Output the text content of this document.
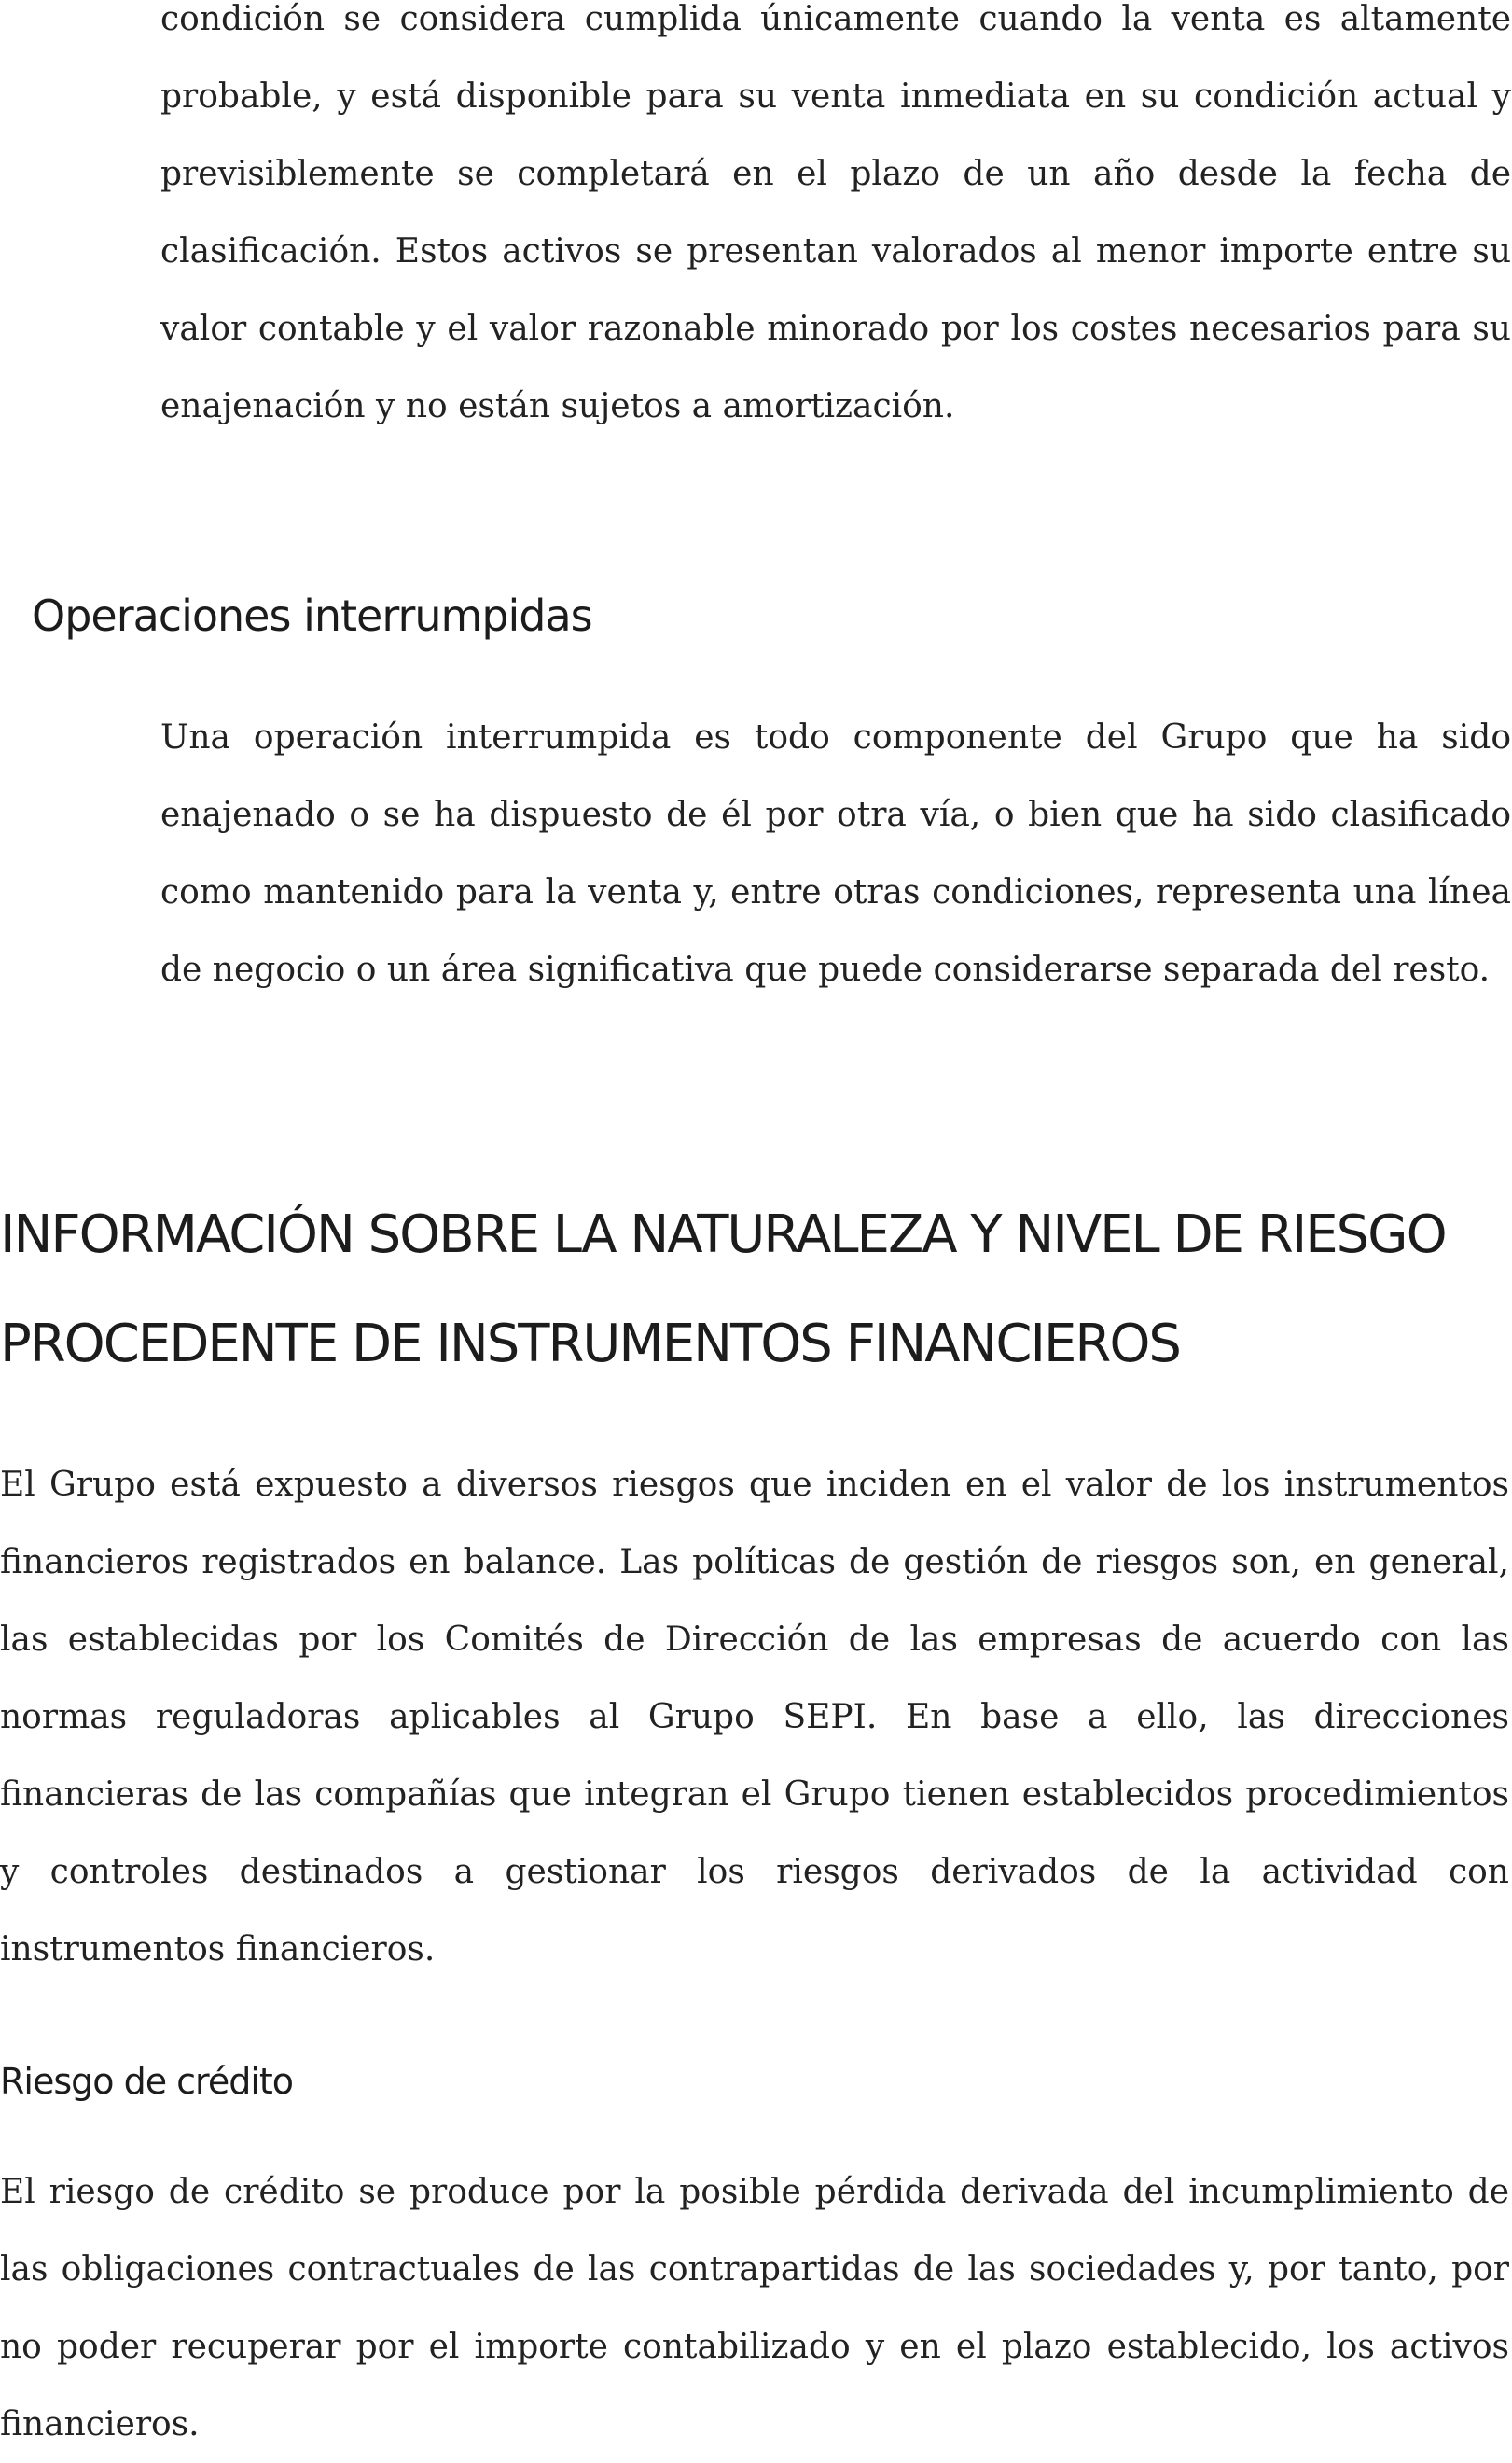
condición se considera cumplida únicamente cuando la venta es altamente probable, y está disponible para su venta inmediata en su condición actual y previsiblemente se completará en el plazo de un año desde la fecha de clasificación. Estos activos se presentan valorados al menor importe entre su valor contable y el valor razonable minorado por los costes necesarios para su enajenación y no están sujetos a amortización.

Operaciones interrumpidas

Una operación interrumpida es todo componente del Grupo que ha sido enajenado o se ha dispuesto de él por otra vía, o bien que ha sido clasificado como mantenido para la venta y, entre otras condiciones, representa una línea de negocio o un área significativa que puede considerarse separada del resto.

INFORMACIÓN SOBRE LA NATURALEZA Y NIVEL DE RIESGO PROCEDENTE DE INSTRUMENTOS FINANCIEROS

El Grupo está expuesto a diversos riesgos que inciden en el valor de los instrumentos financieros registrados en balance. Las políticas de gestión de riesgos son, en general, las establecidas por los Comités de Dirección de las empresas de acuerdo con las normas reguladoras aplicables al Grupo SEPI. En base a ello, las direcciones financieras de las compañías que integran el Grupo tienen establecidos procedimientos y controles destinados a gestionar los riesgos derivados de la actividad con instrumentos financieros.

Riesgo de crédito

El riesgo de crédito se produce por la posible pérdida derivada del incumplimiento de las obligaciones contractuales de las contrapartidas de las sociedades y, por tanto, por no poder recuperar por el importe contabilizado y en el plazo establecido, los activos financieros.
